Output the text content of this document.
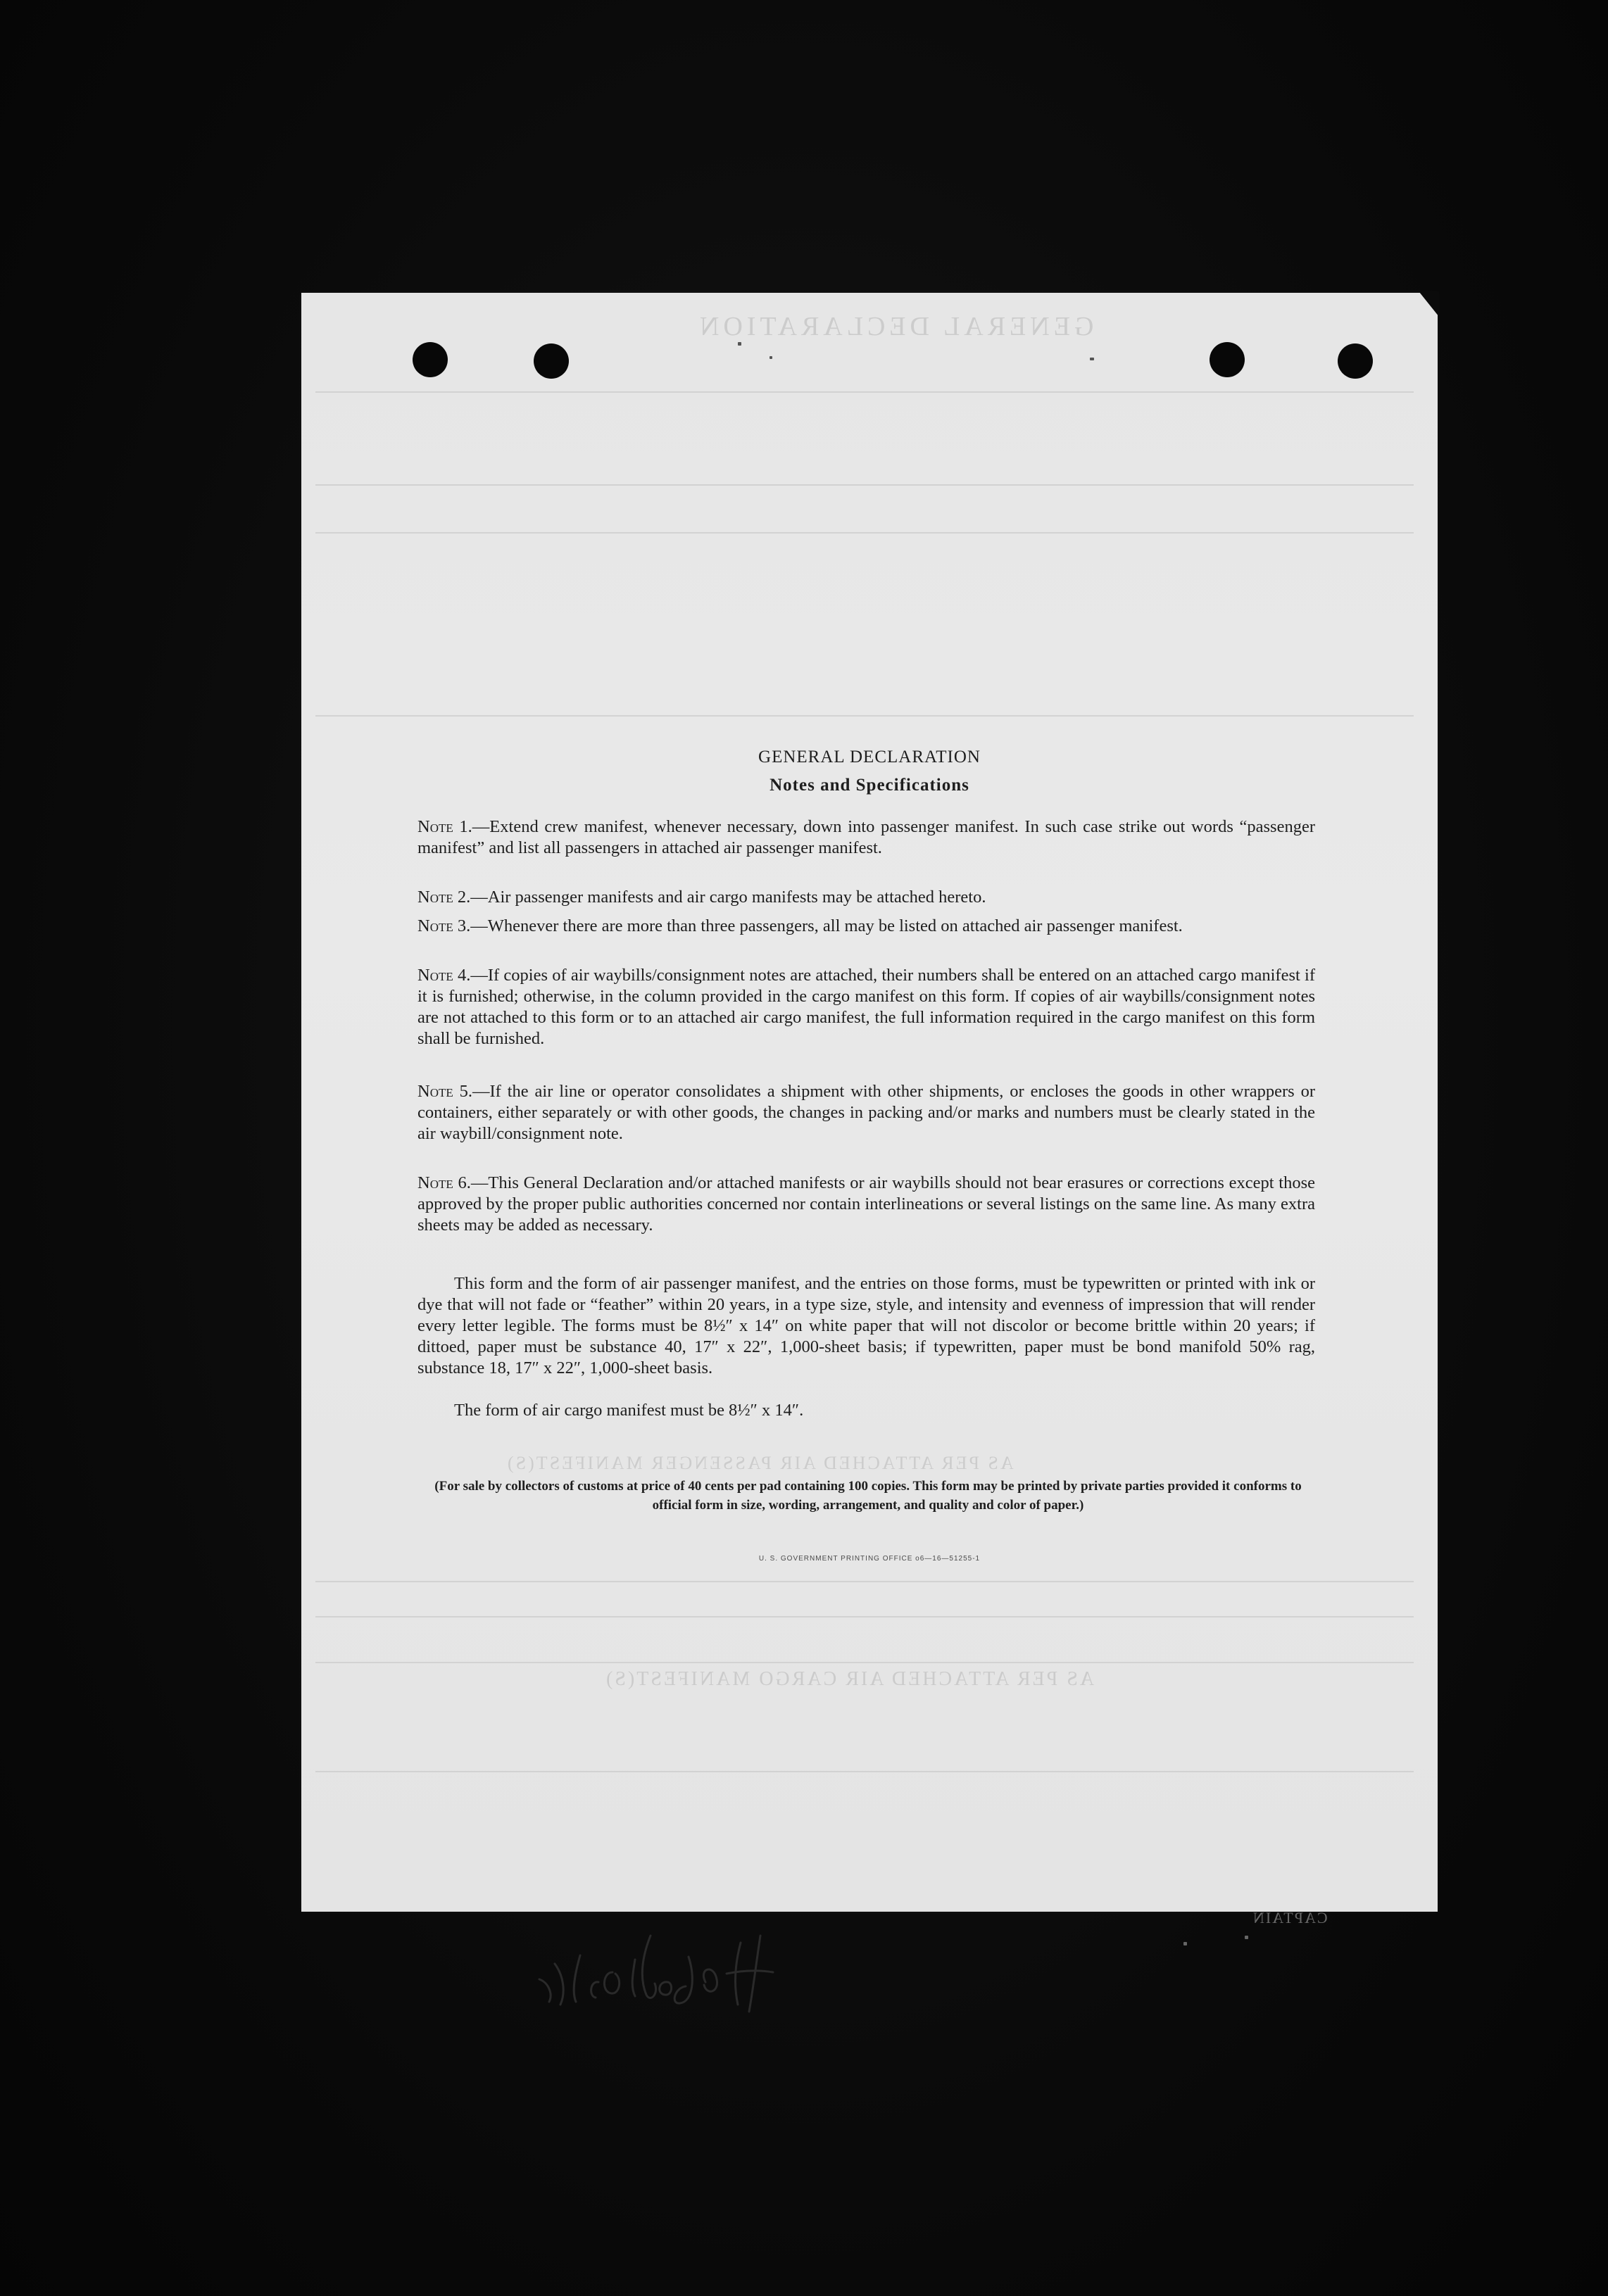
GENERAL DECLARATION
AS PER ATTACHED AIR PASSENGER MANIFEST(S)
AS PER ATTACHED AIR CARGO MANIFEST(S)
CAPTAIN
GENERAL DECLARATION
Notes and Specifications
Note 1.—Extend crew manifest, whenever necessary, down into passenger manifest. In such case strike out words “passenger manifest” and list all passengers in attached air passenger manifest.
Note 2.—Air passenger manifests and air cargo manifests may be attached hereto.
Note 3.—Whenever there are more than three passengers, all may be listed on attached air passenger manifest.
Note 4.—If copies of air waybills/consignment notes are attached, their numbers shall be entered on an attached cargo manifest if it is furnished; otherwise, in the column provided in the cargo manifest on this form. If copies of air waybills/consignment notes are not attached to this form or to an attached air cargo manifest, the full information required in the cargo manifest on this form shall be furnished.
Note 5.—If the air line or operator consolidates a shipment with other shipments, or encloses the goods in other wrappers or containers, either separately or with other goods, the changes in packing and/or marks and numbers must be clearly stated in the air waybill/consignment note.
Note 6.—This General Declaration and/or attached manifests or air waybills should not bear erasures or corrections except those approved by the proper public authorities concerned nor contain interlineations or several listings on the same line. As many extra sheets may be added as necessary.
This form and the form of air passenger manifest, and the entries on those forms, must be typewritten or printed with ink or dye that will not fade or “feather” within 20 years, in a type size, style, and intensity and evenness of impression that will render every letter legible. The forms must be 8½″ x 14″ on white paper that will not discolor or become brittle within 20 years; if dittoed, paper must be substance 40, 17″ x 22″, 1,000-sheet basis; if typewritten, paper must be bond manifold 50% rag, substance 18, 17″ x 22″, 1,000-sheet basis.
The form of air cargo manifest must be 8½″ x 14″.
(For sale by collectors of customs at price of 40 cents per pad containing 100 copies. This form may be printed by private parties provided it conforms to official form in size, wording, arrangement, and quality and color of paper.)
U. S. GOVERNMENT PRINTING OFFICE o6—16—51255-1
